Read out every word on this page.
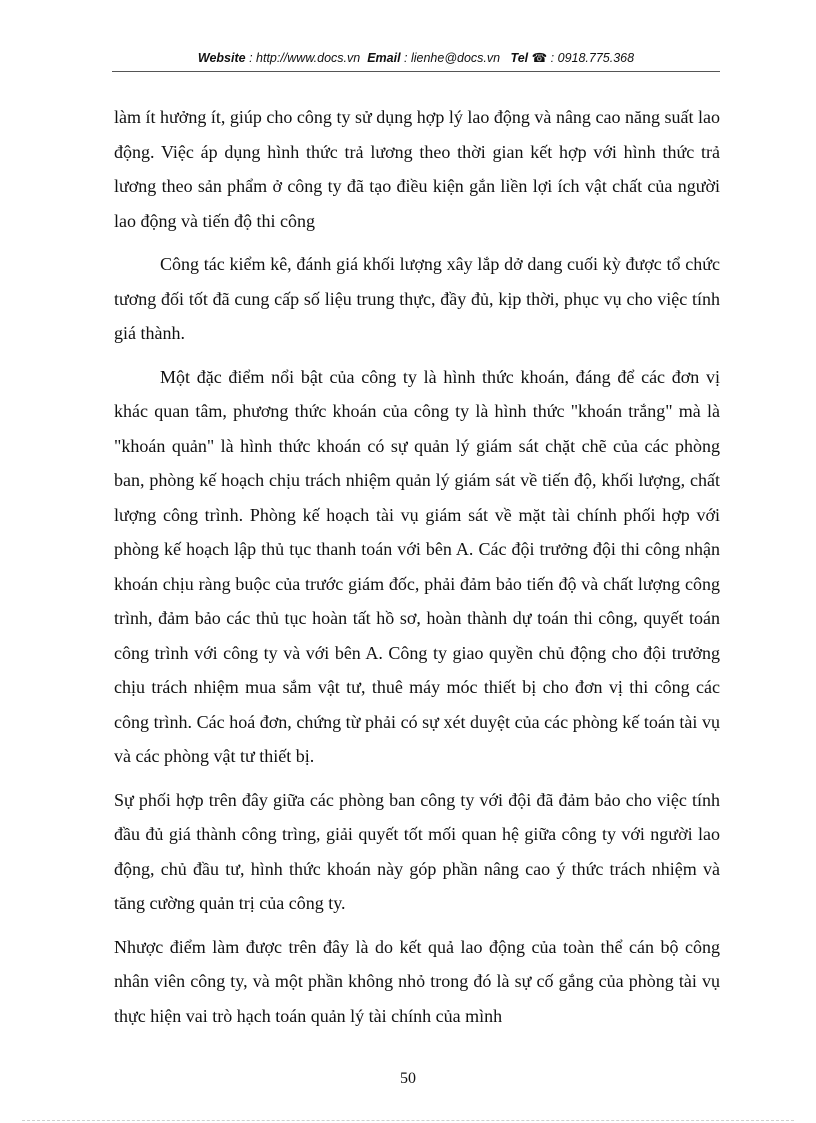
Website : http://www.docs.vn Email : lienhe@docs.vn Tel ☎ : 0918.775.368

làm ít hưởng ít, giúp cho công ty sử dụng hợp lý lao động và nâng cao năng suất lao động. Việc áp dụng hình thức trả lương theo thời gian kết hợp với hình thức trả lương theo sản phẩm ở công ty đã tạo điều kiện gắn liền lợi ích vật chất của người lao động và tiến độ thi công

Công tác kiểm kê, đánh giá khối lượng xây lắp dở dang cuối kỳ được tổ chức tương đối tốt đã cung cấp số liệu trung thực, đầy đủ, kịp thời, phục vụ cho việc tính giá thành.

Một đặc điểm nổi bật của công ty là hình thức khoán, đáng để các đơn vị khác quan tâm, phương thức khoán của công ty là hình thức "khoán trắng" mà là "khoán quản" là hình thức khoán có sự quản lý giám sát chặt chẽ của các phòng ban, phòng kế hoạch chịu trách nhiệm quản lý giám sát về tiến độ, khối lượng, chất lượng công trình. Phòng kế hoạch tài vụ giám sát về mặt tài chính phối hợp với phòng kế hoạch lập thủ tục thanh toán với bên A. Các đội trưởng đội thi công nhận khoán chịu ràng buộc của trước giám đốc, phải đảm bảo tiến độ và chất lượng công trình, đảm bảo các thủ tục hoàn tất hồ sơ, hoàn thành dự toán thi công, quyết toán công trình với công ty và với bên A. Công ty giao quyền chủ động cho đội trưởng chịu trách nhiệm mua sắm vật tư, thuê máy móc thiết bị cho đơn vị thi công các công trình. Các hoá đơn, chứng từ phải có sự xét duyệt của các phòng kế toán tài vụ và các phòng vật tư thiết bị.

Sự phối hợp trên đây giữa các phòng ban công ty với đội đã đảm bảo cho việc tính đầu đủ giá thành công trìng, giải quyết tốt mối quan hệ giữa công ty với người lao động, chủ đầu tư, hình thức khoán này góp phần nâng cao ý thức trách nhiệm và tăng cường quản trị của công ty.

Nhược điểm làm được trên đây là do kết quả lao động của toàn thể cán bộ công nhân viên công ty, và một phần không nhỏ trong đó là sự cố gắng của phòng tài vụ thực hiện vai trò hạch toán quản lý tài chính của mình

50
